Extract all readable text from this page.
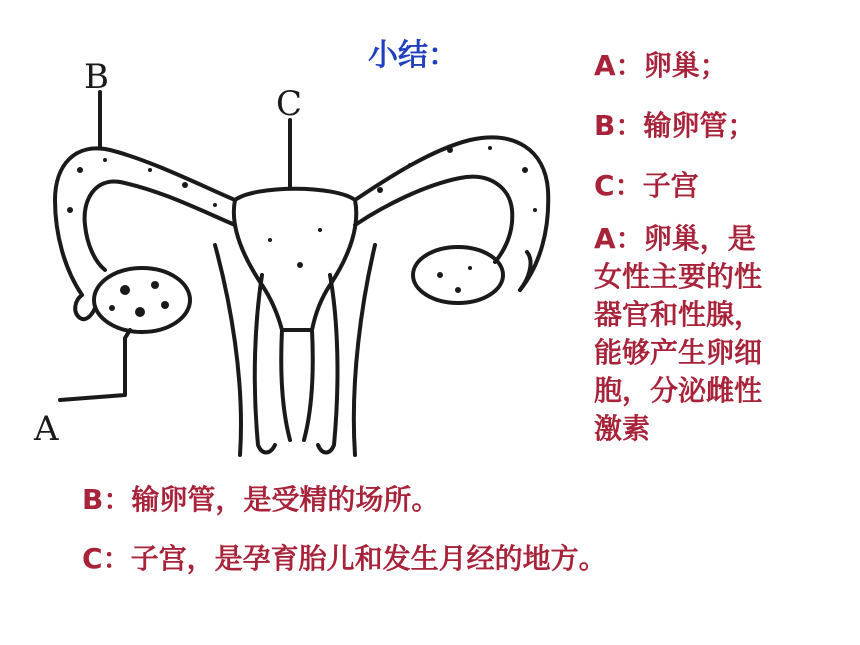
B
C
A
小结：	A：卵巢；
B：输卵管；
C：子宫
A：卵巢，是
女性主要的性
器官和性腺，
能够产生卵细
胞，分泌雌性
激素
B：输卵管，是受精的场所。
C：子宫，是孕育胎儿和发生月经的地方。
